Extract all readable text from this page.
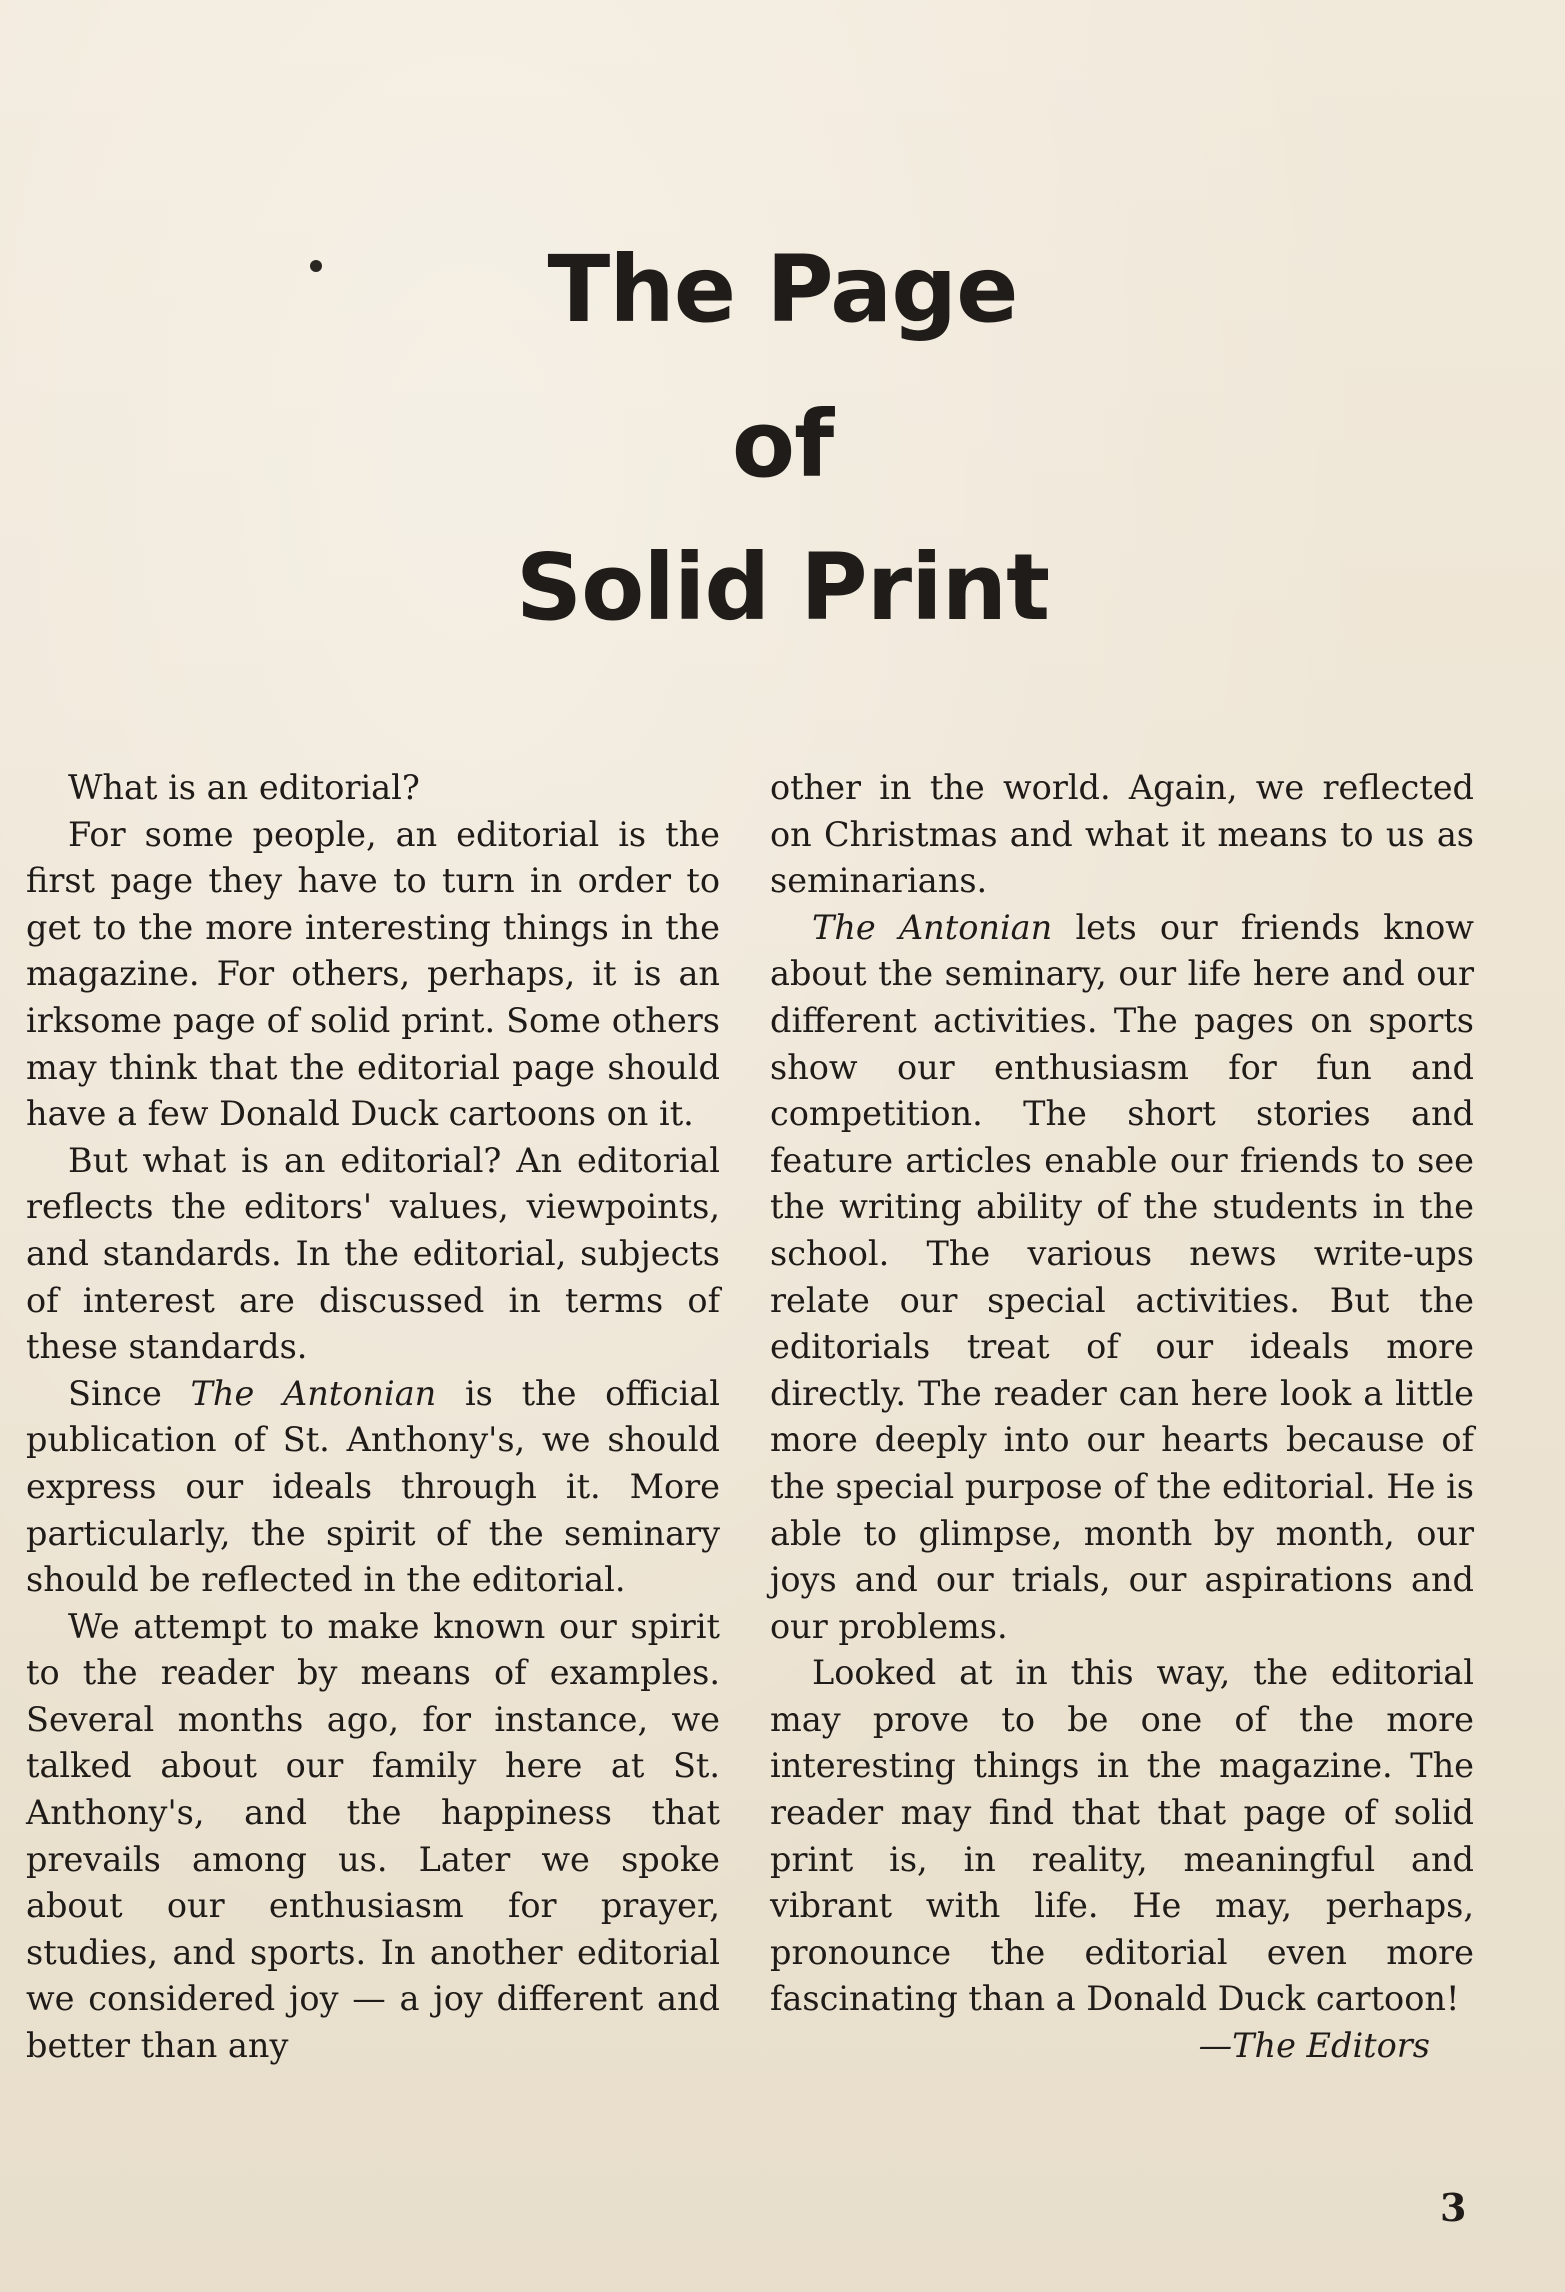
The Page
of
Solid Print

What is an editorial?

For some people, an editorial is the first page they have to turn in order to get to the more interesting things in the magazine. For others, perhaps, it is an irksome page of solid print. Some others may think that the editorial page should have a few Donald Duck cartoons on it.

But what is an editorial? An editorial reflects the editors' values, viewpoints, and standards. In the editorial, subjects of interest are discussed in terms of these standards.

Since The Antonian is the official publication of St. Anthony's, we should express our ideals through it. More particularly, the spirit of the seminary should be reflected in the editorial.

We attempt to make known our spirit to the reader by means of examples. Several months ago, for instance, we talked about our family here at St. Anthony's, and the happiness that prevails among us. Later we spoke about our enthusiasm for prayer, studies, and sports. In another editorial we considered joy — a joy different and better than any

other in the world. Again, we reflected on Christmas and what it means to us as seminarians.

The Antonian lets our friends know about the seminary, our life here and our different activities. The pages on sports show our enthusiasm for fun and competition. The short stories and feature articles enable our friends to see the writing ability of the students in the school. The various news write-ups relate our special activities. But the editorials treat of our ideals more directly. The reader can here look a little more deeply into our hearts because of the special purpose of the editorial. He is able to glimpse, month by month, our joys and our trials, our aspirations and our problems.

Looked at in this way, the editorial may prove to be one of the more interesting things in the magazine. The reader may find that that page of solid print is, in reality, meaningful and vibrant with life. He may, perhaps, pronounce the editorial even more fascinating than a Donald Duck cartoon!

—The Editors

3
